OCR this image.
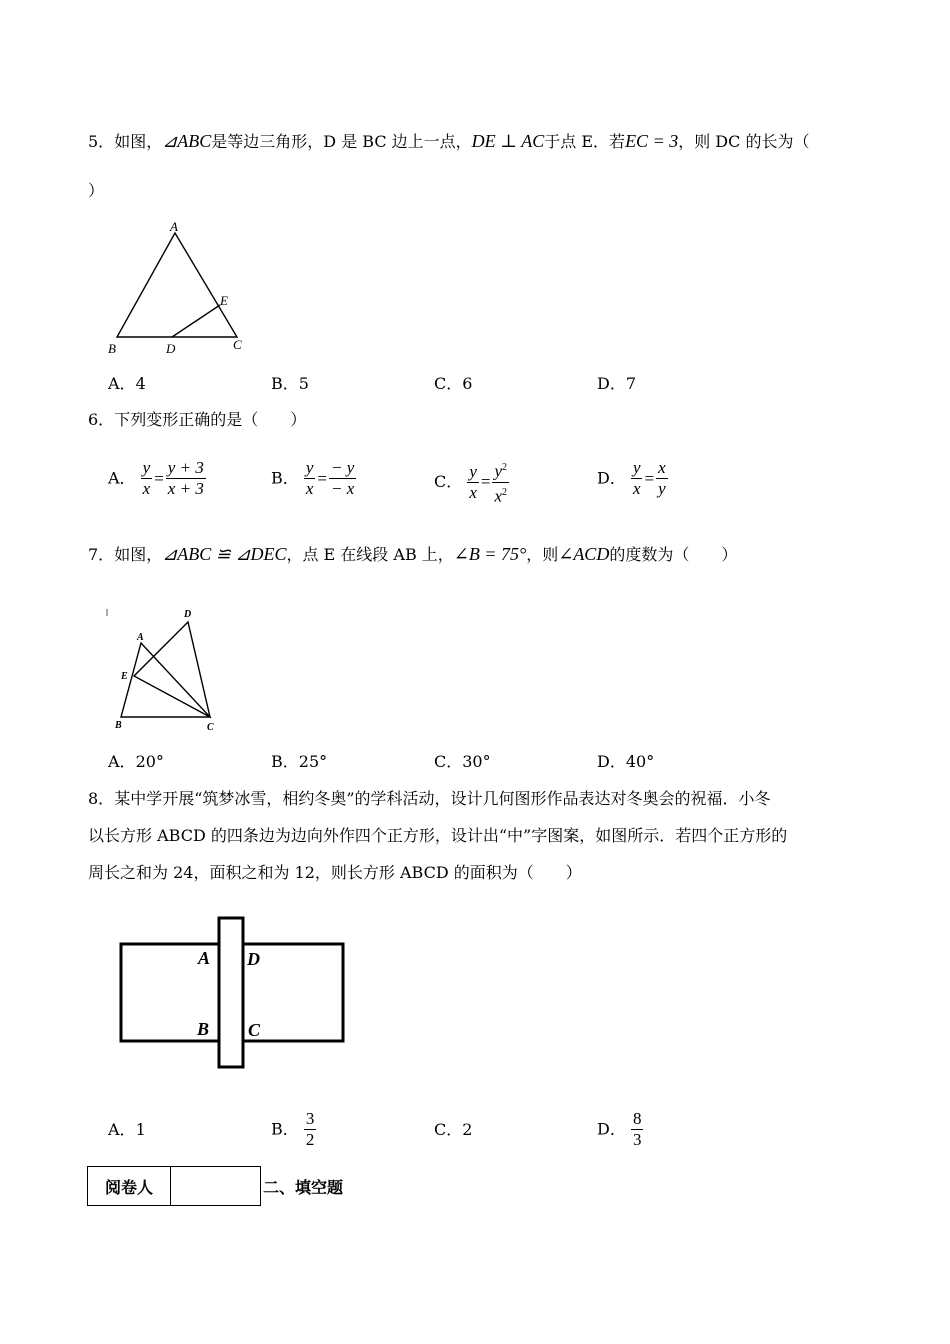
5．如图，⊿ABC是等边三角形，D 是 BC 边上一点，DE ⊥ AC于点 E．若EC = 3，则 DC 的长为（
）
A
B	D	C
E
A．4	B．5	C．6	D．7
6．下列变形正确的是（　　）
A． $\frac{y}{x} = \frac{y + 3}{x + 3}$	B． $\frac{y}{x} = \frac{- y}{- x}$	C． $\frac{y}{x} = \frac{y^2}{x^2}$	D． $\frac{y}{x} = \frac{x}{y}$
7．如图，⊿ABC ≌ ⊿DEC，点 E 在线段 AB 上，∠B = 75°，则∠ACD的度数为（　　）
D
A
E
B	C
A．20°	B．25°	C．30°	D．40°
8．某中学开展“筑梦冰雪，相约冬奥”的学科活动，设计几何图形作品表达对冬奥会的祝福．小冬
以长方形 ABCD 的四条边为边向外作四个正方形，设计出“中”字图案，如图所示．若四个正方形的
周长之和为 24，面积之和为 12，则长方形 ABCD 的面积为（　　）
A D
B C
A．1	B． $\frac{3}{2}$	C．2	D． $\frac{8}{3}$
阅卷人	二、填空题
